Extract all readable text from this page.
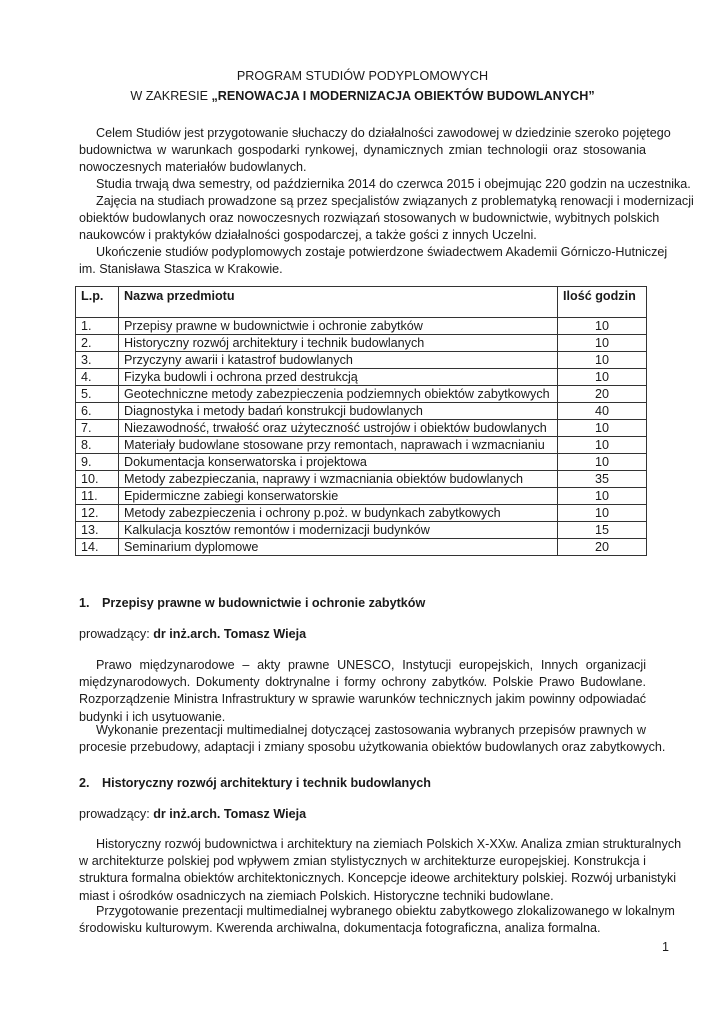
PROGRAM STUDIÓW PODYPLOMOWYCH
W ZAKRESIE „RENOWACJA I MODERNIZACJA OBIEKTÓW BUDOWLANYCH”
Celem Studiów jest przygotowanie słuchaczy do działalności zawodowej w dziedzinie szeroko pojętego
budownictwa w warunkach gospodarki rynkowej, dynamicznych zmian technologii oraz stosowania
nowoczesnych materiałów budowlanych.
Studia trwają dwa semestry, od października 2014 do czerwca 2015 i obejmując 220 godzin na uczestnika.
Zajęcia na studiach prowadzone są przez specjalistów związanych z problematyką renowacji i modernizacji
obiektów budowlanych oraz nowoczesnych rozwiązań stosowanych w budownictwie, wybitnych polskich
naukowców i praktyków działalności gospodarczej, a także gości z innych Uczelni.
Ukończenie studiów podyplomowych zostaje potwierdzone świadectwem Akademii Górniczo-Hutniczej
im. Stanisława Staszica w Krakowie.
L.p.	Nazwa przedmiotu	Ilość godzin
1.	Przepisy prawne w budownictwie i ochronie zabytków	10
2.	Historyczny rozwój architektury i technik budowlanych	10
3.	Przyczyny awarii i katastrof budowlanych	10
4.	Fizyka budowli i ochrona przed destrukcją	10
5.	Geotechniczne metody zabezpieczenia podziemnych obiektów zabytkowych	20
6.	Diagnostyka i metody badań konstrukcji budowlanych	40
7.	Niezawodność, trwałość oraz użyteczność ustrojów i obiektów budowlanych	10
8.	Materiały budowlane stosowane przy remontach, naprawach i wzmacnianiu	10
9.	Dokumentacja konserwatorska i projektowa	10
10.	Metody zabezpieczania, naprawy i wzmacniania obiektów budowlanych	35
11.	Epidermiczne zabiegi konserwatorskie	10
12.	Metody zabezpieczenia i ochrony p.poż. w budynkach zabytkowych	10
13.	Kalkulacja kosztów remontów i modernizacji budynków	15
14.	Seminarium dyplomowe	20
1. Przepisy prawne w budownictwie i ochronie zabytków
prowadzący: dr inż.arch. Tomasz Wieja
Prawo międzynarodowe – akty prawne UNESCO, Instytucji europejskich, Innych organizacji
międzynarodowych. Dokumenty doktrynalne i formy ochrony zabytków. Polskie Prawo Budowlane.
Rozporządzenie Ministra Infrastruktury w sprawie warunków technicznych jakim powinny odpowiadać
budynki i ich usytuowanie.
Wykonanie prezentacji multimedialnej dotyczącej zastosowania wybranych przepisów prawnych w
procesie przebudowy, adaptacji i zmiany sposobu użytkowania obiektów budowlanych oraz zabytkowych.
2. Historyczny rozwój architektury i technik budowlanych
prowadzący: dr inż.arch. Tomasz Wieja
Historyczny rozwój budownictwa i architektury na ziemiach Polskich X-XXw. Analiza zmian strukturalnych
w architekturze polskiej pod wpływem zmian stylistycznych w architekturze europejskiej. Konstrukcja i
struktura formalna obiektów architektonicznych. Koncepcje ideowe architektury polskiej. Rozwój urbanistyki
miast i ośrodków osadniczych na ziemiach Polskich. Historyczne techniki budowlane.
Przygotowanie prezentacji multimedialnej wybranego obiektu zabytkowego zlokalizowanego w lokalnym
środowisku kulturowym. Kwerenda archiwalna, dokumentacja fotograficzna, analiza formalna.
1
